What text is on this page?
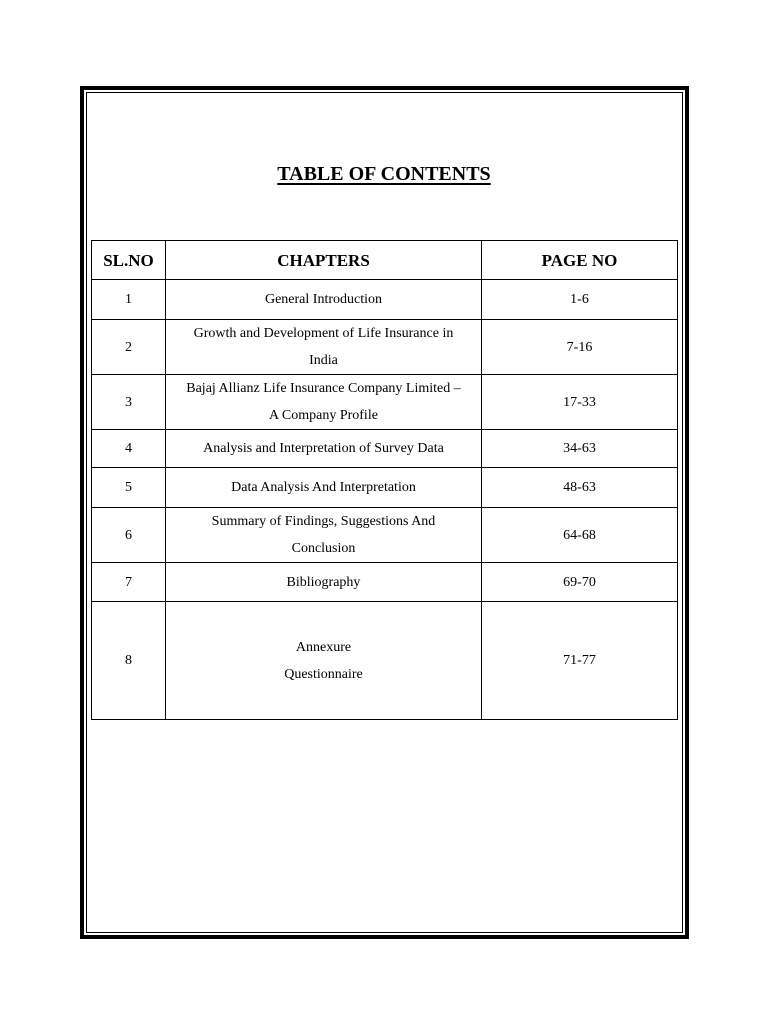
TABLE OF CONTENTS
SL.NO	CHAPTERS	PAGE NO
1	General Introduction	1-6
2	Growth and Development of Life Insurance in
India	7-16
3	Bajaj Allianz Life Insurance Company Limited –
A Company Profile	17-33
4	Analysis and Interpretation of Survey Data	34-63
5	Data Analysis And Interpretation	48-63
6	Summary of Findings, Suggestions And
Conclusion	64-68
7	Bibliography	69-70
8	Annexure
Questionnaire	71-77
